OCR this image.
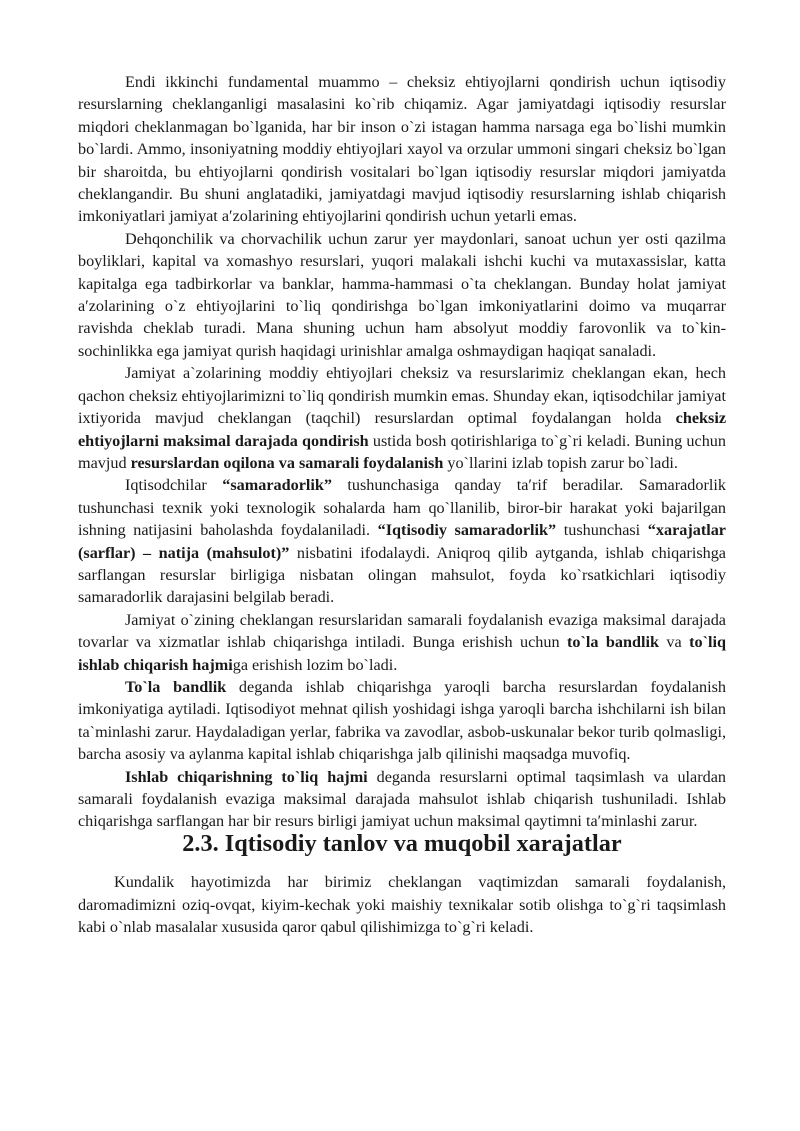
Endi ikkinchi fundamental muammo – cheksiz ehtiyojlarni qondirish uchun iqtisodiy resurslarning cheklanganligi masalasini ko`rib chiqamiz. Agar jamiyatdagi iqtisodiy resurslar miqdori cheklanmagan bo`lganida, har bir inson o`zi istagan hamma narsaga ega bo`lishi mumkin bo`lardi. Ammo, insoniyatning moddiy ehtiyojlari xayol va orzular ummoni singari cheksiz bo`lgan bir sharoitda, bu ehtiyojlarni qondirish vositalari bo`lgan iqtisodiy resurslar miqdori jamiyatda cheklangandir. Bu shuni anglatadiki, jamiyatdagi mavjud iqtisodiy resurslarning ishlab chiqarish imkoniyatlari jamiyat a′zolarining ehtiyojlarini qondirish uchun yetarli emas.

Dehqonchilik va chorvachilik uchun zarur yer maydonlari, sanoat uchun yer osti qazilma boyliklari, kapital va xomashyo resurslari, yuqori malakali ishchi kuchi va mutaxassislar, katta kapitalga ega tadbirkorlar va banklar, hamma-hammasi o`ta cheklangan. Bunday holat jamiyat a′zolarining o`z ehtiyojlarini to`liq qondirishga bo`lgan imkoniyatlarini doimo va muqarrar ravishda cheklab turadi. Mana shuning uchun ham absolyut moddiy farovonlik va to`kin-sochinlikka ega jamiyat qurish haqidagi urinishlar amalga oshmaydigan haqiqat sanaladi.

Jamiyat a`zolarining moddiy ehtiyojlari cheksiz va resurslarimiz cheklangan ekan, hech qachon cheksiz ehtiyojlarimizni to`liq qondirish mumkin emas. Shunday ekan, iqtisodchilar jamiyat ixtiyorida mavjud cheklangan (taqchil) resurslardan optimal foydalangan holda cheksiz ehtiyojlarni maksimal darajada qondirish ustida bosh qotirishlariga to`g`ri keladi. Buning uchun mavjud resurslardan oqilona va samarali foydalanish yo`llarini izlab topish zarur bo`ladi.

Iqtisodchilar “samaradorlik” tushunchasiga qanday ta′rif beradilar. Samaradorlik tushunchasi texnik yoki texnologik sohalarda ham qo`llanilib, biror-bir harakat yoki bajarilgan ishning natijasini baholashda foydalaniladi. “Iqtisodiy samaradorlik” tushunchasi “xarajatlar (sarflar) – natija (mahsulot)” nisbatini ifodalaydi. Aniqroq qilib aytganda, ishlab chiqarishga sarflangan resurslar birligiga nisbatan olingan mahsulot, foyda ko`rsatkichlari iqtisodiy samaradorlik darajasini belgilab beradi.

Jamiyat o`zining cheklangan resurslaridan samarali foydalanish evaziga maksimal darajada tovarlar va xizmatlar ishlab chiqarishga intiladi. Bunga erishish uchun to`la bandlik va to`liq ishlab chiqarish hajmiga erishish lozim bo`ladi.

To`la bandlik deganda ishlab chiqarishga yaroqli barcha resurslardan foydalanish imkoniyatiga aytiladi. Iqtisodiyot mehnat qilish yoshidagi ishga yaroqli barcha ishchilarni ish bilan ta`minlashi zarur. Haydaladigan yerlar, fabrika va zavodlar, asbob-uskunalar bekor turib qolmasligi, barcha asosiy va aylanma kapital ishlab chiqarishga jalb qilinishi maqsadga muvofiq.

Ishlab chiqarishning to`liq hajmi deganda resurslarni optimal taqsimlash va ulardan samarali foydalanish evaziga maksimal darajada mahsulot ishlab chiqarish tushuniladi. Ishlab chiqarishga sarflangan har bir resurs birligi jamiyat uchun maksimal qaytimni ta′minlashi zarur.

2.3. Iqtisodiy tanlov va muqobil xarajatlar

Kundalik hayotimizda har birimiz cheklangan vaqtimizdan samarali foydalanish, daromadimizni oziq-ovqat, kiyim-kechak yoki maishiy texnikalar sotib olishga to`g`ri taqsimlash kabi o`nlab masalalar xususida qaror qabul qilishimizga to`g`ri keladi.
